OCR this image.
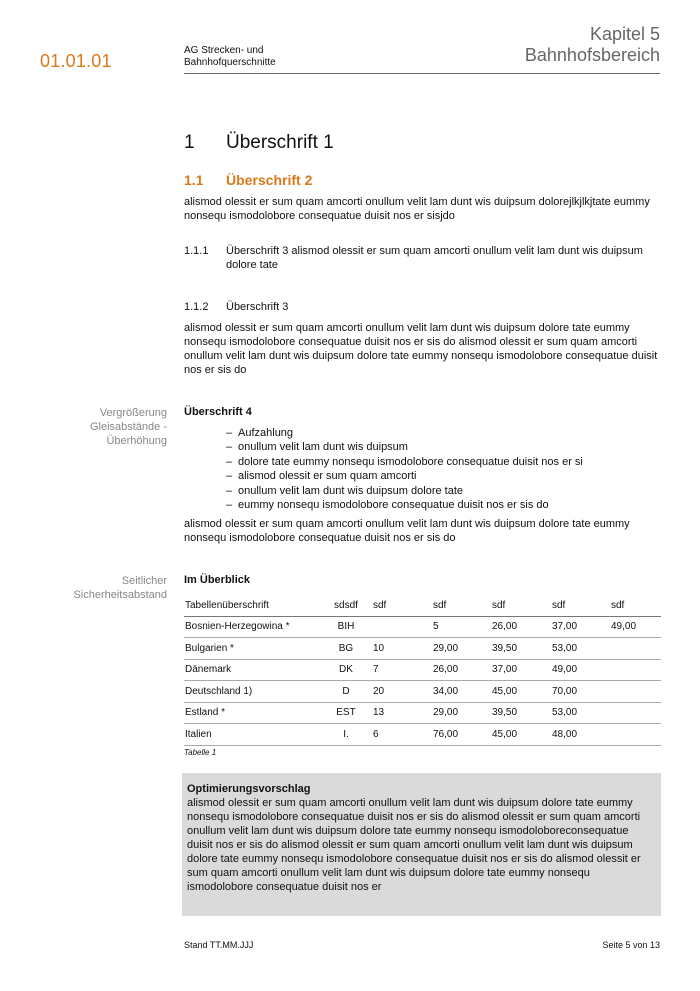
01.01.01
AG Strecken- und
Bahnhofquerschnitte
Kapitel 5
Bahnhofsbereich
1 Überschrift 1
1.1 Überschrift 2
alismod olessit er sum quam amcorti onullum velit lam dunt wis duipsum dolorejlkjlkjtate eummy nonsequ ismodolobore consequatue duisit nos er sisjdo
1.1.1 Überschrift 3 alismod olessit er sum quam amcorti onullum velit lam dunt wis duipsum dolore tate
1.1.2 Überschrift 3
alismod olessit er sum quam amcorti onullum velit lam dunt wis duipsum dolore tate eummy nonsequ ismodolobore consequatue duisit nos er sis do alismod olessit er sum quam amcorti onullum velit lam dunt wis duipsum dolore tate eummy nonsequ ismodolobore consequatue duisit nos er sis do
Vergrößerung
Gleisabstände -
Überhöhung
Überschrift 4
– Aufzahlung
– onullum velit lam dunt wis duipsum
– dolore tate eummy nonsequ ismodolobore consequatue duisit nos er si
– alismod olessit er sum quam amcorti
– onullum velit lam dunt wis duipsum dolore tate
– eummy nonsequ ismodolobore consequatue duisit nos er sis do
alismod olessit er sum quam amcorti onullum velit lam dunt wis duipsum dolore tate eummy nonsequ ismodolobore consequatue duisit nos er sis do
Seitlicher
Sicherheitsabstand
Im Überblick
Tabellenüberschrift	sdsdf	sdf	sdf	sdf	sdf	sdf
Bosnien-Herzegowina *	BIH		5	26,00	37,00	49,00
Bulgarien *	BG	10	29,00	39,50	53,00	
Dänemark	DK	7	26,00	37,00	49,00	
Deutschland 1)	D	20	34,00	45,00	70,00	
Estland *	EST	13	29,00	39,50	53,00	
Italien	I.	6	76,00	45,00	48,00	
Tabelle 1
Optimierungsvorschlag
alismod olessit er sum quam amcorti onullum velit lam dunt wis duipsum dolore tate eummy nonsequ ismodolobore consequatue duisit nos er sis do alismod olessit er sum quam amcorti onullum velit lam dunt wis duipsum dolore tate eummy nonsequ ismodoloboreconsequatue duisit nos er sis do alismod olessit er sum quam amcorti onullum velit lam dunt wis duipsum dolore tate eummy nonsequ ismodolobore consequatue duisit nos er sis do alismod olessit er sum quam amcorti onullum velit lam dunt wis duipsum dolore tate eummy nonsequ ismodolobore consequatue duisit nos er
Stand TT.MM.JJJ	Seite 5 von 13
